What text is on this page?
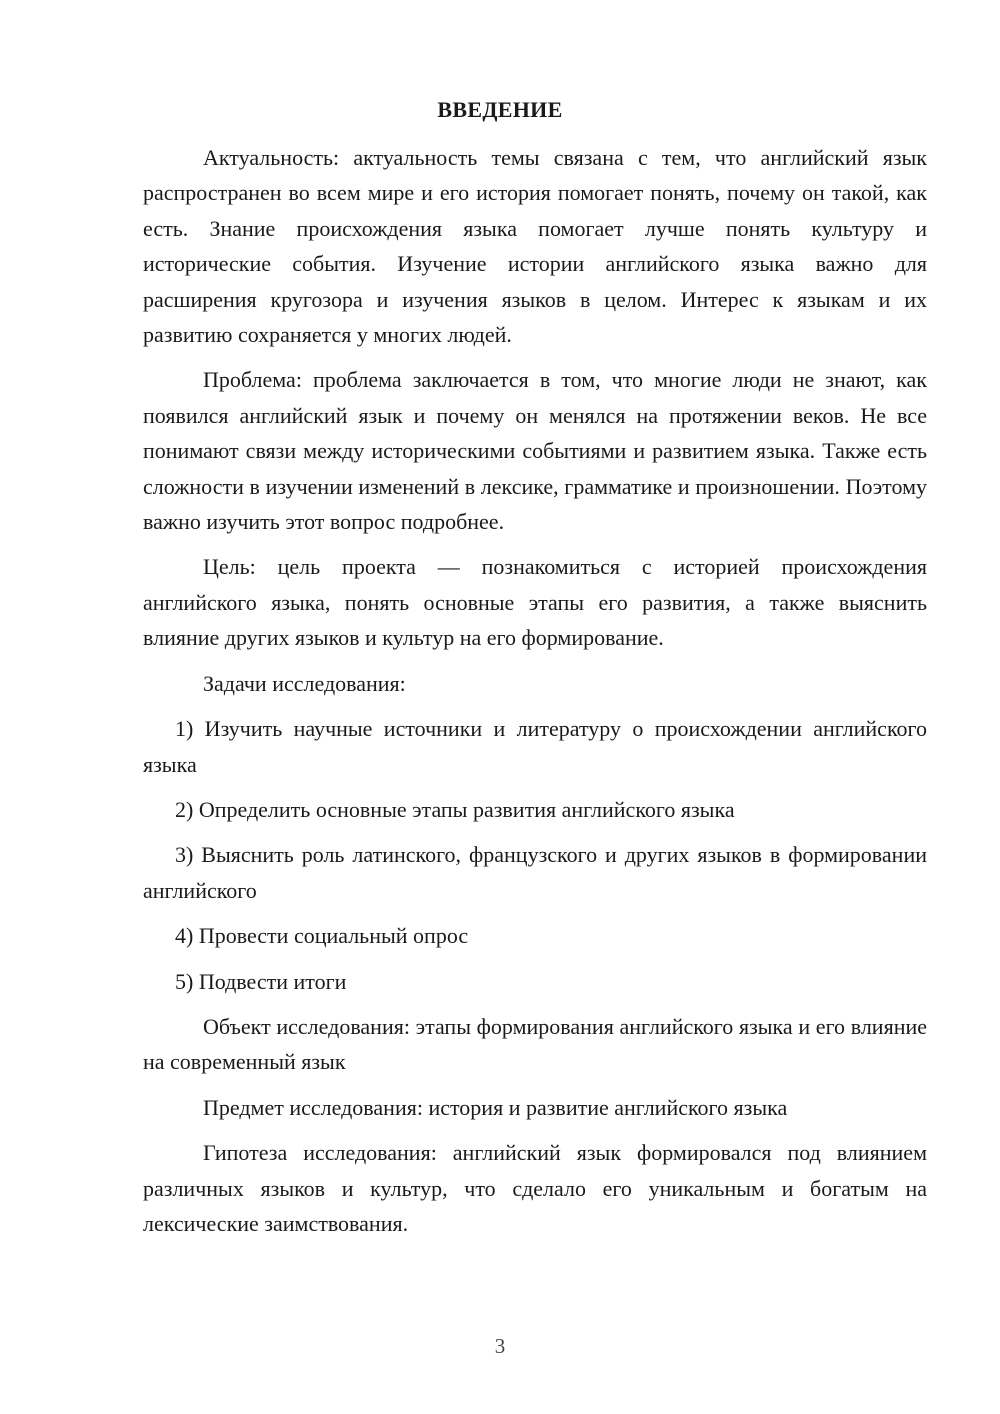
ВВЕДЕНИЕ

Актуальность: актуальность темы связана с тем, что английский язык распространен во всем мире и его история помогает понять, почему он такой, как есть. Знание происхождения языка помогает лучше понять культуру и исторические события. Изучение истории английского языка важно для расширения кругозора и изучения языков в целом. Интерес к языкам и их развитию сохраняется у многих людей.

Проблема: проблема заключается в том, что многие люди не знают, как появился английский язык и почему он менялся на протяжении веков. Не все понимают связи между историческими событиями и развитием языка. Также есть сложности в изучении изменений в лексике, грамматике и произношении. Поэтому важно изучить этот вопрос подробнее.

Цель: цель проекта — познакомиться с историей происхождения английского языка, понять основные этапы его развития, а также выяснить влияние других языков и культур на его формирование.

Задачи исследования:

1) Изучить научные источники и литературу о происхождении английского языка

2) Определить основные этапы развития английского языка

3) Выяснить роль латинского, французского и других языков в формировании английского

4) Провести социальный опрос

5) Подвести итоги

Объект исследования: этапы формирования английского языка и его влияние на современный язык

Предмет исследования: история и развитие английского языка

Гипотеза исследования: английский язык формировался под влиянием различных языков и культур, что сделало его уникальным и богатым на лексические заимствования.

3
